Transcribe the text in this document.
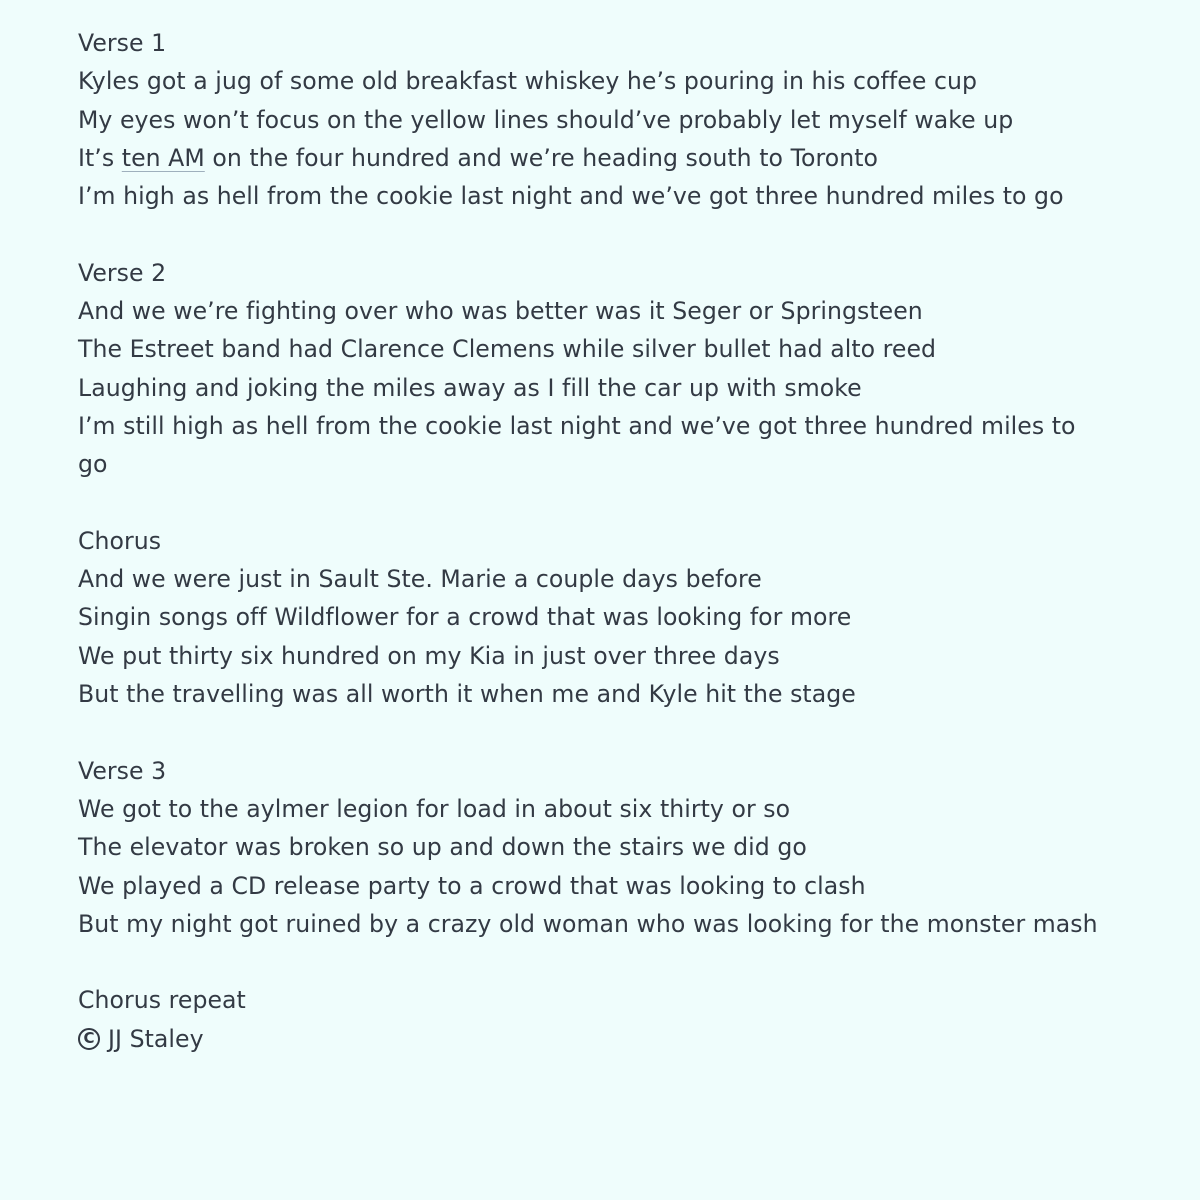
Verse 1
Kyles got a jug of some old breakfast whiskey he’s pouring in his coffee cup
My eyes won’t focus on the yellow lines should’ve probably let myself wake up
It’s ten AM on the four hundred and we’re heading south to Toronto
I’m high as hell from the cookie last night and we’ve got three hundred miles to go
Verse 2
And we we’re fighting over who was better was it Seger or Springsteen
The Estreet band had Clarence Clemens while silver bullet had alto reed
Laughing and joking the miles away as I fill the car up with smoke
I’m still high as hell from the cookie last night and we’ve got three hundred miles to go
Chorus
And we were just in Sault Ste. Marie a couple days before
Singin songs off Wildflower for a crowd that was looking for more
We put thirty six hundred on my Kia in just over three days
But the travelling was all worth it when me and Kyle hit the stage
Verse 3
We got to the aylmer legion for load in about six thirty or so
The elevator was broken so up and down the stairs we did go
We played a CD release party to a crowd that was looking to clash
But my night got ruined by a crazy old woman who was looking for the monster mash
Chorus repeat
C JJ Staley
